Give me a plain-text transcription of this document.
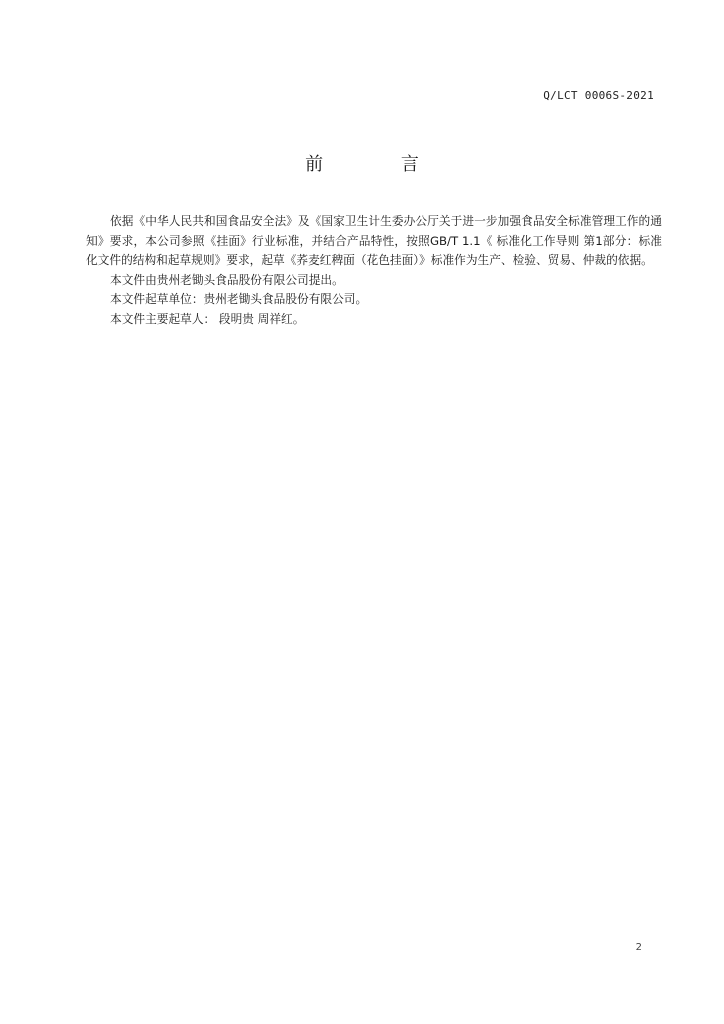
Q/LCT 0006S-2021
前 言

依据《中华人民共和国食品安全法》及《国家卫生计生委办公厅关于进一步加强食品安全标准管理工作的通知》要求，本公司参照《挂面》行业标准，并结合产品特性，按照GB/T 1.1《 标准化工作导则 第1部分：标准化文件的结构和起草规则》要求，起草《荞麦红稗面（花色挂面）》标准作为生产、检验、贸易、仲裁的依据。

本文件由贵州老锄头食品股份有限公司提出。

本文件起草单位：贵州老锄头食品股份有限公司。

本文件主要起草人： 段明贵 周祥红。

2
